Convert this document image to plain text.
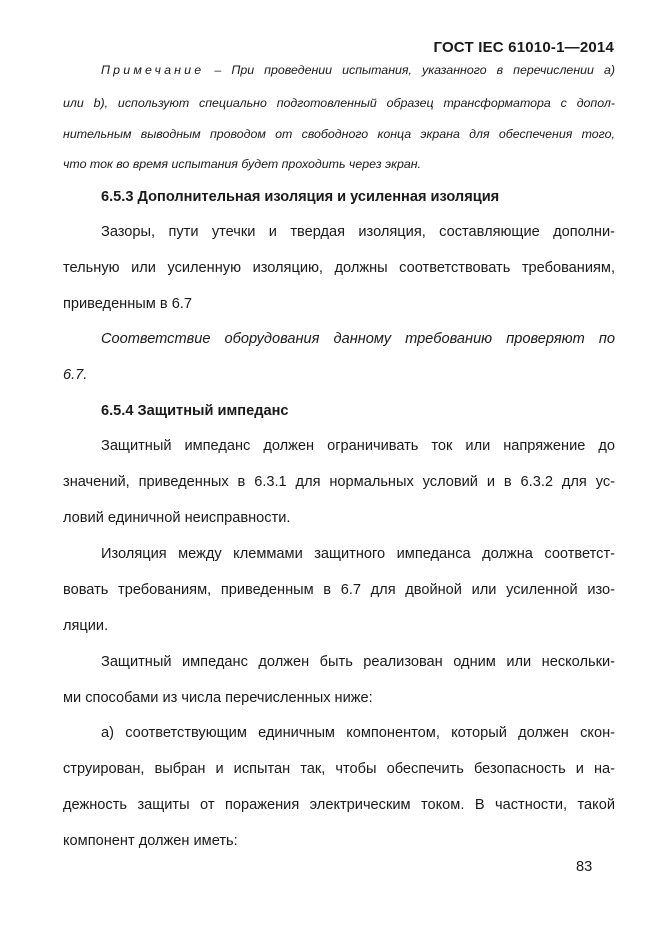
ГОСТ IEC 61010-1—2014
Примечание – При проведении испытания, указанного в перечислении а)
или b), используют специально подготовленный образец трансформатора с допол-
нительным выводным проводом от свободного конца экрана для обеспечения того,
что ток во время испытания будет проходить через экран.
6.5.3 Дополнительная изоляция и усиленная изоляция
Зазоры, пути утечки и твердая изоляция, составляющие дополни-
тельную или усиленную изоляцию, должны соответствовать требованиям,
приведенным в 6.7
Соответствие оборудования данному требованию проверяют по
6.7.
6.5.4 Защитный импеданс
Защитный импеданс должен ограничивать ток или напряжение до
значений, приведенных в 6.3.1 для нормальных условий и в 6.3.2 для ус-
ловий единичной неисправности.
Изоляция между клеммами защитного импеданса должна соответст-
вовать требованиям, приведенным в 6.7 для двойной или усиленной изо-
ляции.
Защитный импеданс должен быть реализован одним или нескольки-
ми способами из числа перечисленных ниже:
a) соответствующим единичным компонентом, который должен скон-
струирован, выбран и испытан так, чтобы обеспечить безопасность и на-
дежность защиты от поражения электрическим током. В частности, такой
компонент должен иметь:
83
